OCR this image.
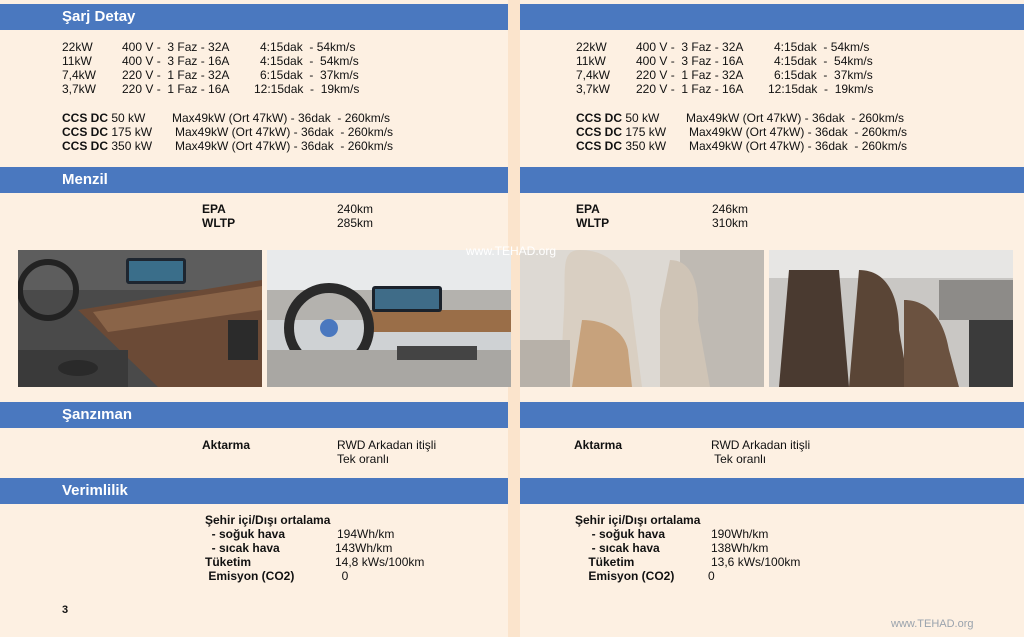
Şarj Detay
Menzil
Şanzıman
Verimlilik
22kW 400 V -  3 Faz - 32A	4:15dak  - 54km/s
11kW	400 V -  3 Faz - 16A	4:15dak  -  54km/s
7,4kW 220 V -  1 Faz - 32A	6:15dak  -  37km/s
3,7kW 220 V -  1 Faz - 16A 12:15dak  -  19km/s
CCS DC 50 kW Max49kW (Ort 47kW) - 36dak  - 260km/s
CCS DC 175 kW Max49kW (Ort 47kW) - 36dak  - 260km/s
CCS DC 350 kW Max49kW (Ort 47kW) - 36dak  - 260km/s
EPA	240km
WLTP	285km
Aktarma	RWD Arkadan itişli
Tek oranlı
Şehir içi/Dışı ortalama
- soğuk hava	194Wh/km
- sıcak hava	143Wh/km
Tüketim	14,8 kWs/100km
Emisyon (CO2)	0
22kW 400 V -  3 Faz - 32A	4:15dak  - 54km/s
11kW	400 V -  3 Faz - 16A	4:15dak  -  54km/s
7,4kW 220 V -  1 Faz - 32A	6:15dak  -  37km/s
3,7kW 220 V -  1 Faz - 16A 12:15dak  -  19km/s
CCS DC 50 kW Max49kW (Ort 47kW) - 36dak  - 260km/s
CCS DC 175 kW Max49kW (Ort 47kW) - 36dak  - 260km/s
CCS DC 350 kW Max49kW (Ort 47kW) - 36dak  - 260km/s
EPA	246km
WLTP	310km
Aktarma	RWD Arkadan itişli
Tek oranlı
Şehir içi/Dışı ortalama
- soğuk hava	190Wh/km
- sıcak hava	138Wh/km
Tüketim	13,6 kWs/100km
Emisyon (CO2)	0
www.TEHAD.org
3
www.TEHAD.org
